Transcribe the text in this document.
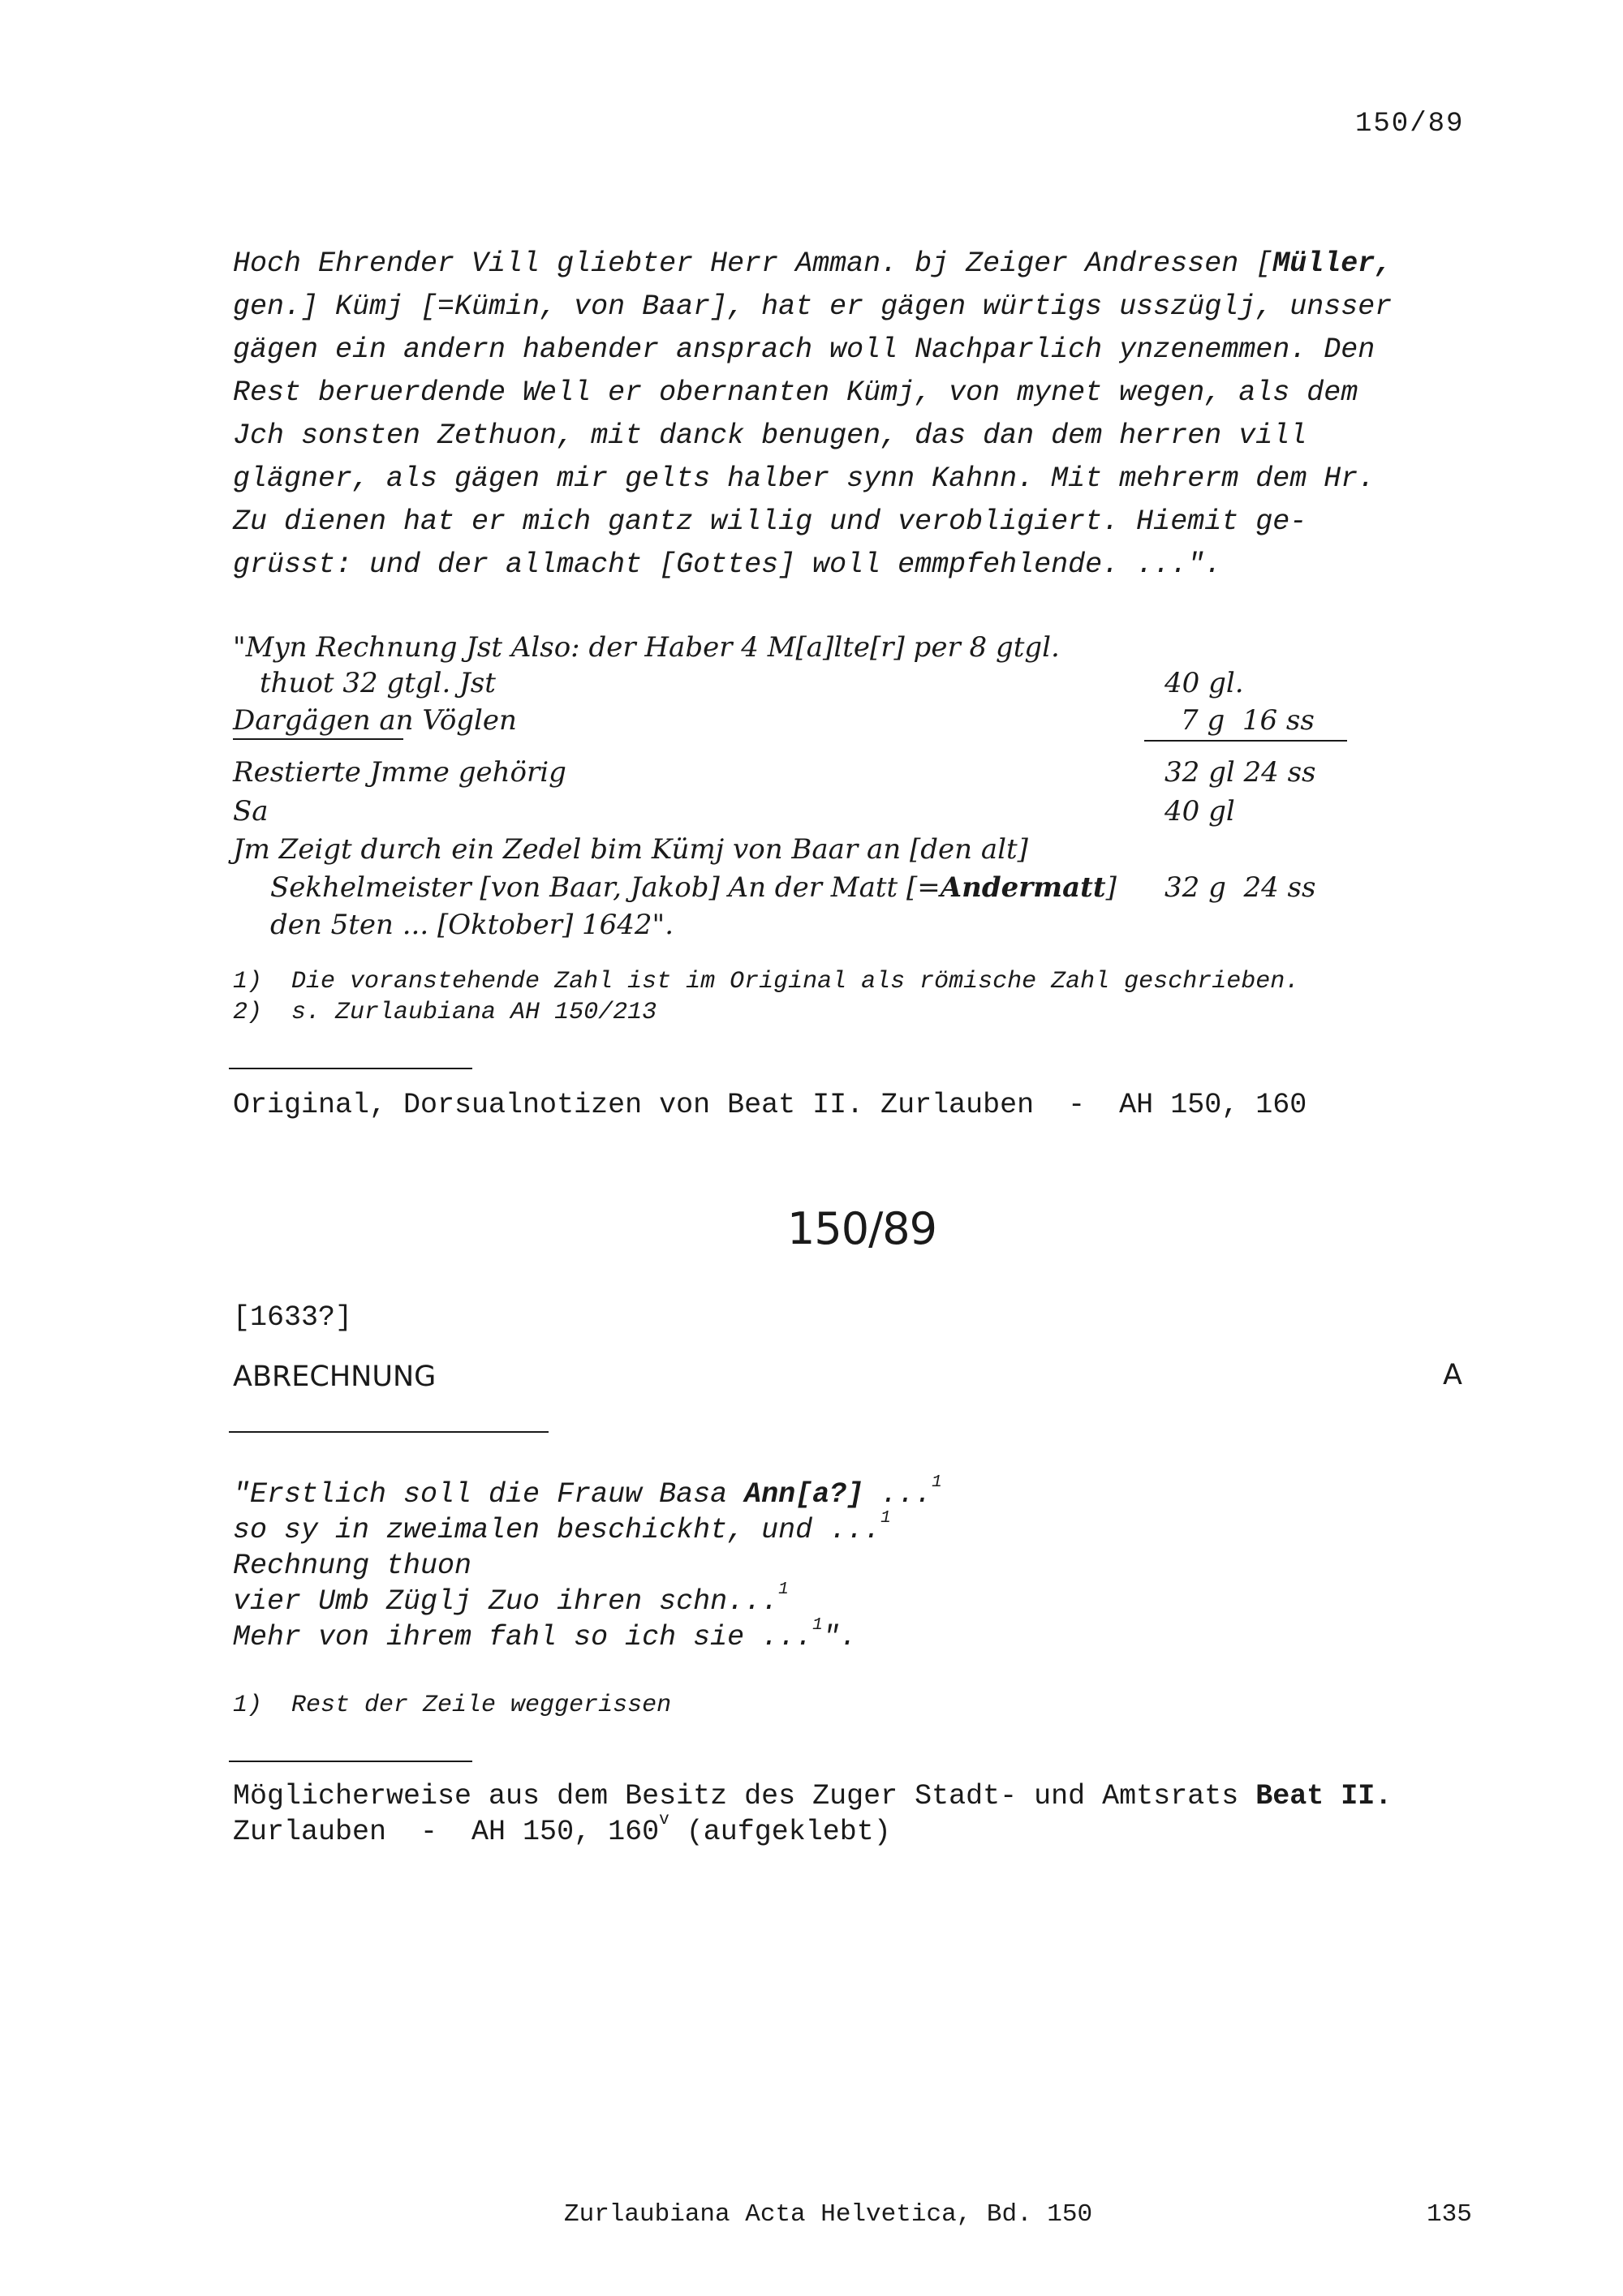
150/89
Hoch Ehrender Vill gliebter Herr Amman. bj Zeiger Andressen [Müller,
gen.] Kümj [=Kümin, von Baar], hat er gägen würtigs usszüglj, unsser
gägen ein andern habender ansprach woll Nachparlich ynzenemmen. Den
Rest beruerdende Well er obernanten Kümj, von mynet wegen, als dem
Jch sonsten Zethuon, mit danck benugen, das dan dem herren vill
glägner, als gägen mir gelts halber synn Kahnn. Mit mehrerm dem Hr.
Zu dienen hat er mich gantz willig und verobligiert. Hiemit ge-
grüsst: und der allmacht [Gottes] woll emmpfehlende. ...".
"Myn Rechnung Jst Also: der Haber 4 M[a]lte[r] per 8 gtgl.
thuot 32 gtgl. Jst	40 gl.
Dargägen an Vöglen	7 g  16 ss
Restierte Jmme gehörig	32 gl 24 ss
Sa	40 gl
Jm Zeigt durch ein Zedel bim Kümj von Baar an [den alt]
Sekhelmeister [von Baar, Jakob] An der Matt [=Andermatt] 32 g  24 ss
den 5ten ... [Oktober] 1642".
1)  Die voranstehende Zahl ist im Original als römische Zahl geschrieben.
2)  s. Zurlaubiana AH 150/213
Original, Dorsualnotizen von Beat II. Zurlauben  -  AH 150, 160
150/89
[1633?]
ABRECHNUNG	A
"Erstlich soll die Frauw Basa Ann[a?] ...$^1$
so sy in zweimalen beschickht, und ...$^1$
Rechnung thuon
vier Umb Züglj Zuo ihren schn...$^1$
Mehr von ihrem fahl so ich sie ...$^1$".
1)  Rest der Zeile weggerissen
Möglicherweise aus dem Besitz des Zuger Stadt- und Amtsrats Beat II.
Zurlauben  -  AH 150, 160$^v$ (aufgeklebt)
Zurlaubiana Acta Helvetica, Bd. 150	135
